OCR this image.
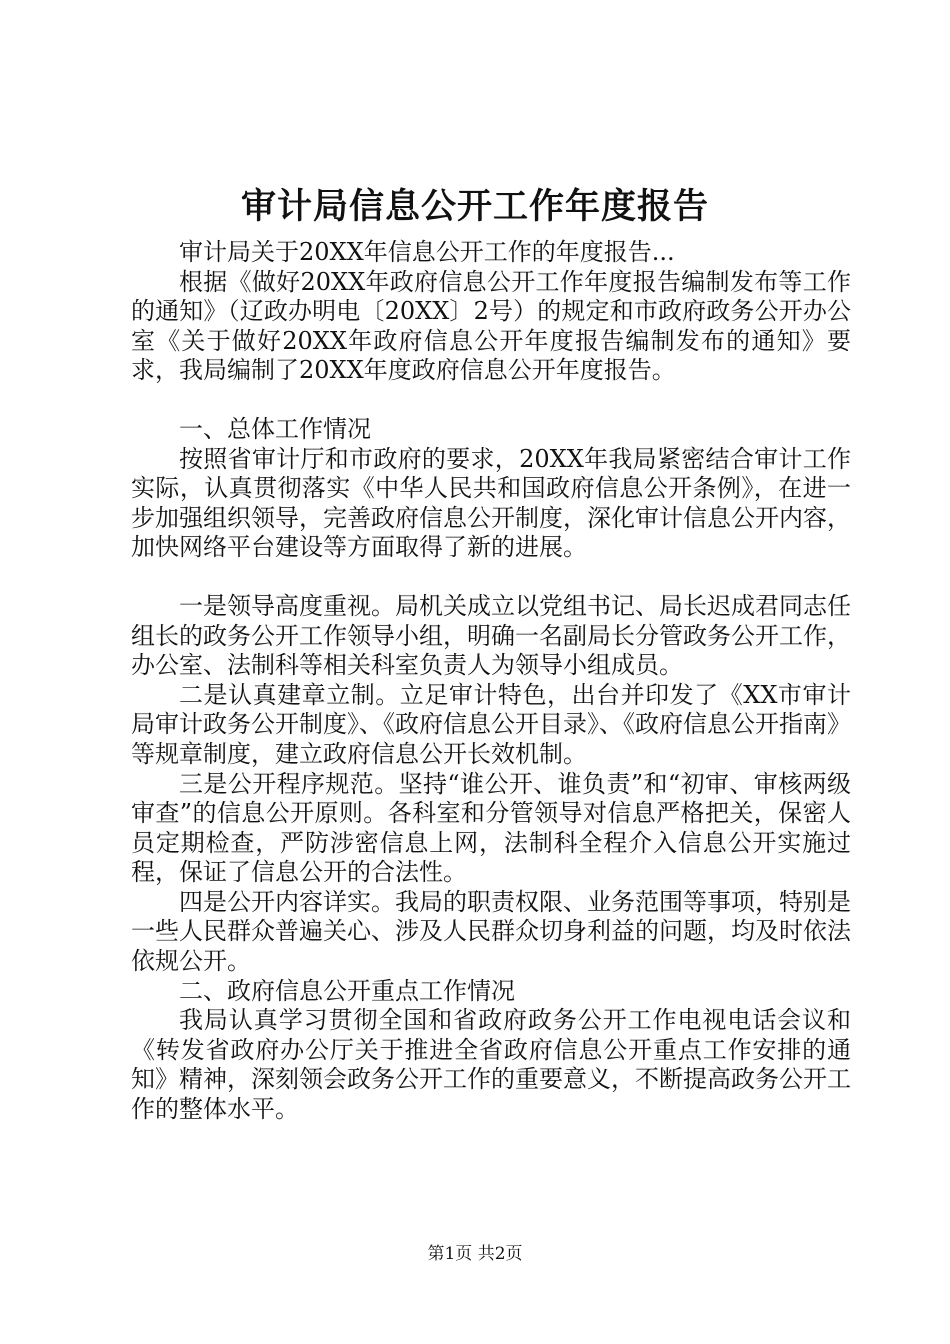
审计局信息公开工作年度报告

审计局关于20XX年信息公开工作的年度报告...

根据《做好20XX年政府信息公开工作年度报告编制发布等工作的通知》（辽政办明电〔20XX〕2号）的规定和市政府政务公开办公室《关于做好20XX年政府信息公开年度报告编制发布的通知》要求，我局编制了20XX年度政府信息公开年度报告。

一、总体工作情况

按照省审计厅和市政府的要求，20XX年我局紧密结合审计工作实际，认真贯彻落实《中华人民共和国政府信息公开条例》，在进一步加强组织领导，完善政府信息公开制度，深化审计信息公开内容，加快网络平台建设等方面取得了新的进展。

一是领导高度重视。局机关成立以党组书记、局长迟成君同志任组长的政务公开工作领导小组，明确一名副局长分管政务公开工作，办公室、法制科等相关科室负责人为领导小组成员。

二是认真建章立制。立足审计特色，出台并印发了《XX市审计局审计政务公开制度》、《政府信息公开目录》、《政府信息公开指南》等规章制度，建立政府信息公开长效机制。

三是公开程序规范。坚持“谁公开、谁负责”和“初审、审核两级审查”的信息公开原则。各科室和分管领导对信息严格把关，保密人员定期检查，严防涉密信息上网，法制科全程介入信息公开实施过程，保证了信息公开的合法性。

四是公开内容详实。我局的职责权限、业务范围等事项，特别是一些人民群众普遍关心、涉及人民群众切身利益的问题，均及时依法依规公开。

二、政府信息公开重点工作情况

我局认真学习贯彻全国和省政府政务公开工作电视电话会议和《转发省政府办公厅关于推进全省政府信息公开重点工作安排的通知》精神，深刻领会政务公开工作的重要意义，不断提高政务公开工作的整体水平。

第1页 共2页
